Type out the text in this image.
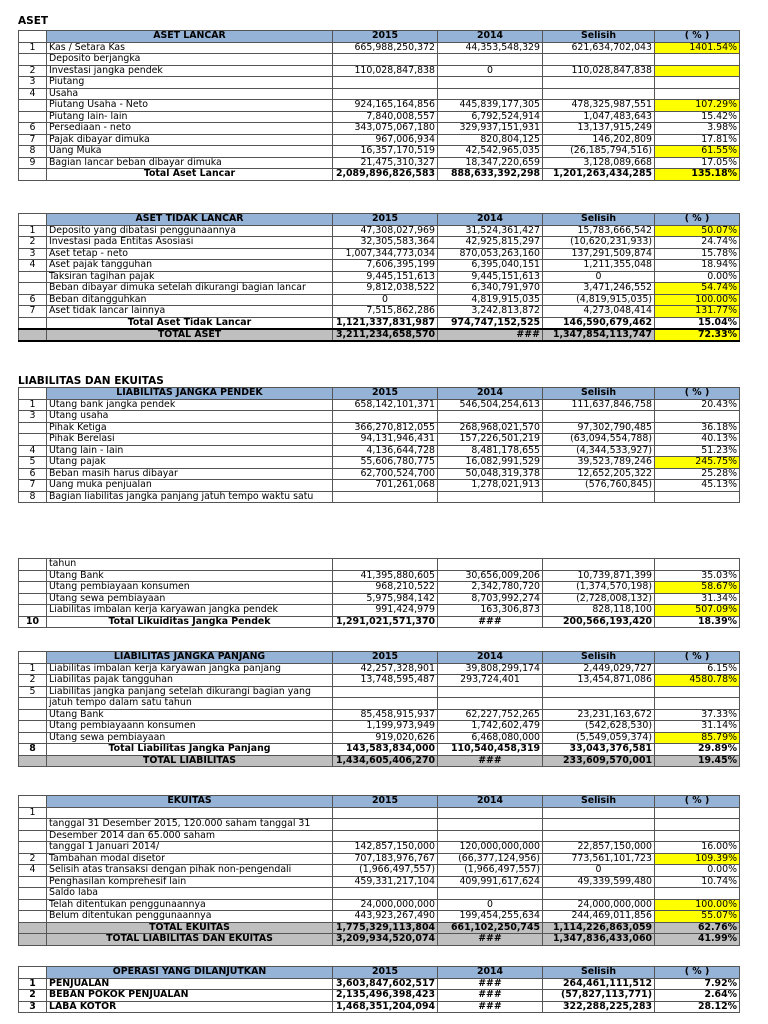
ASET
	ASET LANCAR	2015	2014	Selisih	( % )
1	Kas / Setara Kas	665,988,250,372	44,353,548,329	621,634,702,043	1401.54%
	Deposito berjangka				
2	Investasi jangka pendek	110,028,847,838	0	110,028,847,838	
3	Piutang				
4	Usaha				
	Piutang Usaha - Neto	924,165,164,856	445,839,177,305	478,325,987,551	107.29%
	Piutang lain- lain	7,840,008,557	6,792,524,914	1,047,483,643	15.42%
6	Persediaan - neto	343,075,067,180	329,937,151,931	13,137,915,249	3.98%
7	Pajak dibayar dimuka	967,006,934	820,804,125	146,202,809	17.81%
8	Uang Muka	16,357,170,519	42,542,965,035	(26,185,794,516)	61.55%
9	Bagian lancar beban dibayar dimuka	21,475,310,327	18,347,220,659	3,128,089,668	17.05%
	Total Aset Lancar	2,089,896,826,583	888,633,392,298	1,201,263,434,285	135.18%
	ASET TIDAK LANCAR	2015	2014	Selisih	( % )
1	Deposito yang dibatasi penggunaannya	47,308,027,969	31,524,361,427	15,783,666,542	50.07%
2	Investasi pada Entitas Asosiasi	32,305,583,364	42,925,815,297	(10,620,231,933)	24.74%
3	Aset tetap - neto	1,007,344,773,034	870,053,263,160	137,291,509,874	15.78%
4	Aset pajak tangguhan	7,606,395,199	6,395,040,151	1,211,355,048	18.94%
	Taksiran tagihan pajak	9,445,151,613	9,445,151,613	0	0.00%
	Beban dibayar dimuka setelah dikurangi bagian lancar	9,812,038,522	6,340,791,970	3,471,246,552	54.74%
6	Beban ditangguhkan	0	4,819,915,035	(4,819,915,035)	100.00%
7	Aset tidak lancar lainnya	7,515,862,286	3,242,813,872	4,273,048,414	131.77%
	Total Aset Tidak Lancar	1,121,337,831,987	974,747,152,525	146,590,679,462	15.04%
	TOTAL ASET	3,211,234,658,570	###	1,347,854,113,747	72.33%
LIABILITAS DAN EKUITAS
	LIABILITAS JANGKA PENDEK	2015	2014	Selisih	( % )
1	Utang bank jangka pendek	658,142,101,371	546,504,254,613	111,637,846,758	20.43%
3	Utang usaha				
	Pihak Ketiga	366,270,812,055	268,968,021,570	97,302,790,485	36.18%
	Pihak Berelasi	94,131,946,431	157,226,501,219	(63,094,554,788)	40.13%
4	Utang lain - lain	4,136,644,728	8,481,178,655	(4,344,533,927)	51.23%
5	Utang pajak	55,606,780,775	16,082,991,529	39,523,789,246	245.75%
6	Beban masih harus dibayar	62,700,524,700	50,048,319,378	12,652,205,322	25.28%
7	Uang muka penjualan	701,261,068	1,278,021,913	(576,760,845)	45.13%
8	Bagian liabilitas jangka panjang jatuh tempo waktu satu				
	tahun				
	Utang Bank	41,395,880,605	30,656,009,206	10,739,871,399	35.03%
	Utang pembiayaan konsumen	968,210,522	2,342,780,720	(1,374,570,198)	58.67%
	Utang sewa pembiayaan	5,975,984,142	8,703,992,274	(2,728,008,132)	31.34%
	Liabilitas imbalan kerja karyawan jangka pendek	991,424,979	163,306,873	828,118,100	507.09%
10	Total Likuiditas Jangka Pendek	1,291,021,571,370	###	200,566,193,420	18.39%
	LIABILITAS JANGKA PANJANG	2015	2014	Selisih	( % )
1	Liabilitas imbalan kerja karyawan jangka panjang	42,257,328,901	39,808,299,174	2,449,029,727	6.15%
2	Liabilitas pajak tangguhan	13,748,595,487	293,724,401	13,454,871,086	4580.78%
5	Liabilitas jangka panjang setelah dikurangi bagian yang				
	jatuh tempo dalam satu tahun				
	Utang Bank	85,458,915,937	62,227,752,265	23,231,163,672	37.33%
	Utang pembiayaann konsumen	1,199,973,949	1,742,602,479	(542,628,530)	31.14%
	Utang sewa pembiayaan	919,020,626	6,468,080,000	(5,549,059,374)	85.79%
8	Total Liabilitas Jangka Panjang	143,583,834,000	110,540,458,319	33,043,376,581	29.89%
	TOTAL LIABILITAS	1,434,605,406,270	###	233,609,570,001	19.45%
	EKUITAS	2015	2014	Selisih	( % )
1					
	tanggal 31 Desember 2015, 120.000 saham tanggal 31				
	Desember 2014 dan 65.000 saham				
	tanggal 1 Januari 2014/	142,857,150,000	120,000,000,000	22,857,150,000	16.00%
2	Tambahan modal disetor	707,183,976,767	(66,377,124,956)	773,561,101,723	109.39%
4	Selisih atas transaksi dengan pihak non-pengendali	(1,966,497,557)	(1,966,497,557)	0	0.00%
	Penghasilan komprehesif lain	459,331,217,104	409,991,617,624	49,339,599,480	10.74%
	Saldo laba				
	Telah ditentukan penggunaannya	24,000,000,000	0	24,000,000,000	100.00%
	Belum ditentukan penggunaannya	443,923,267,490	199,454,255,634	244,469,011,856	55.07%
	TOTAL EKUITAS	1,775,329,113,804	661,102,250,745	1,114,226,863,059	62.76%
	TOTAL LIABILITAS DAN EKUITAS	3,209,934,520,074	###	1,347,836,433,060	41.99%
	OPERASI YANG DILANJUTKAN	2015	2014	Selisih	( % )
1	PENJUALAN	3,603,847,602,517	###	264,461,111,512	7.92%
2	BEBAN POKOK PENJUALAN	2,135,496,398,423	###	(57,827,113,771)	2.64%
3	LABA KOTOR	1,468,351,204,094	###	322,288,225,283	28.12%
